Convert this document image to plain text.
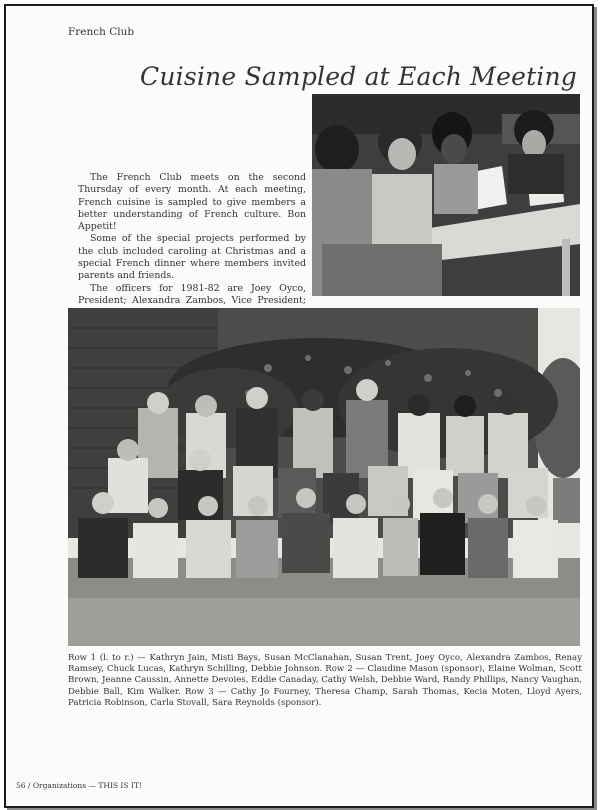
French Club
Cuisine Sampled at Each Meeting

The French Club meets on the second Thursday of every month. At each meeting, French cuisine is sampled to give members a better understanding of French culture. Bon Appetit!

Some of the special projects performed by the club included caroling at Christmas and a special French dinner where members invited parents and friends.

The officers for 1981-82 are Joey Oyco, President; Alexandra Zambos, Vice President;

Row 1 (l. to r.) — Kathryn Jain, Misti Bays, Susan McClanahan, Susan Trent, Joey Oyco, Alexandra Zambos, Renay Ramsey, Chuck Lucas, Kathryn Schilling, Debbie Johnson. Row 2 — Claudine Mason (sponsor), Elaine Wolman, Scott Brown, Jeanne Caussin, Annette Devoies, Eddie Canaday, Cathy Welsh, Debbie Ward, Randy Phillips, Nancy Vaughan, Debbie Ball, Kim Walker. Row 3 — Cathy Jo Fourney, Theresa Champ, Sarah Thomas, Kecia Moten, Lloyd Ayers, Patricia Robinson, Carla Stovall, Sara Reynolds (sponsor).
56 / Organizations — THIS IS IT!
